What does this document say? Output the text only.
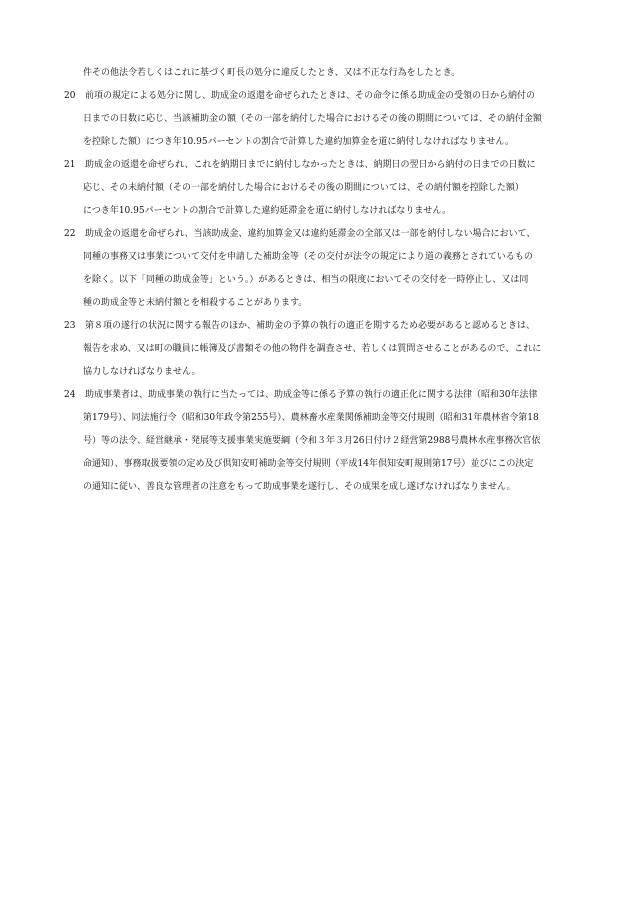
件その他法令若しくはこれに基づく町長の処分に違反したとき、又は不正な行為をしたとき。

20 前項の規定による処分に関し、助成金の返還を命ぜられたときは、その命令に係る助成金の受領の日から納付の
日までの日数に応じ、当該補助金の額（その一部を納付した場合におけるその後の期間については、その納付金額
を控除した額）につき年10.95パーセントの割合で計算した違約加算金を道に納付しなければなりません。
21 助成金の返還を命ぜられ、これを納期日までに納付しなかったときは、納期日の翌日から納付の日までの日数に
応じ、その未納付額（その一部を納付した場合におけるその後の期間については、その納付額を控除した額）
につき年10.95パーセントの割合で計算した違約延滞金を道に納付しなければなりません。
22 助成金の返還を命ぜられ、当該助成金、違約加算金又は違約延滞金の全部又は一部を納付しない場合において、
同種の事務又は事業について交付を申請した補助金等（その交付が法令の規定により道の義務とされているもの
を除く。以下「同種の助成金等」という。）があるときは、相当の限度においてその交付を一時停止し、又は同
種の助成金等と未納付額とを相殺することがあります。
23 第８項の遂行の状況に関する報告のほか、補助金の予算の執行の適正を期するため必要があると認めるときは、
報告を求め、又は町の職員に帳簿及び書類その他の物件を調査させ、若しくは質問させることがあるので、これに
協力しなければなりません。
24 助成事業者は、助成事業の執行に当たっては、助成金等に係る予算の執行の適正化に関する法律（昭和30年法律
第179号）、同法施行令（昭和30年政令第255号）、農林畜水産業関係補助金等交付規則（昭和31年農林省令第18
号）等の法令、経営継承・発展等支援事業実施要綱（令和３年３月26日付け２経営第2988号農林水産事務次官依
命通知）、事務取扱要領の定め及び倶知安町補助金等交付規則（平成14年倶知安町規則第17号）並びにこの決定
の通知に従い、善良な管理者の注意をもって助成事業を遂行し、その成果を成し遂げなければなりません。
